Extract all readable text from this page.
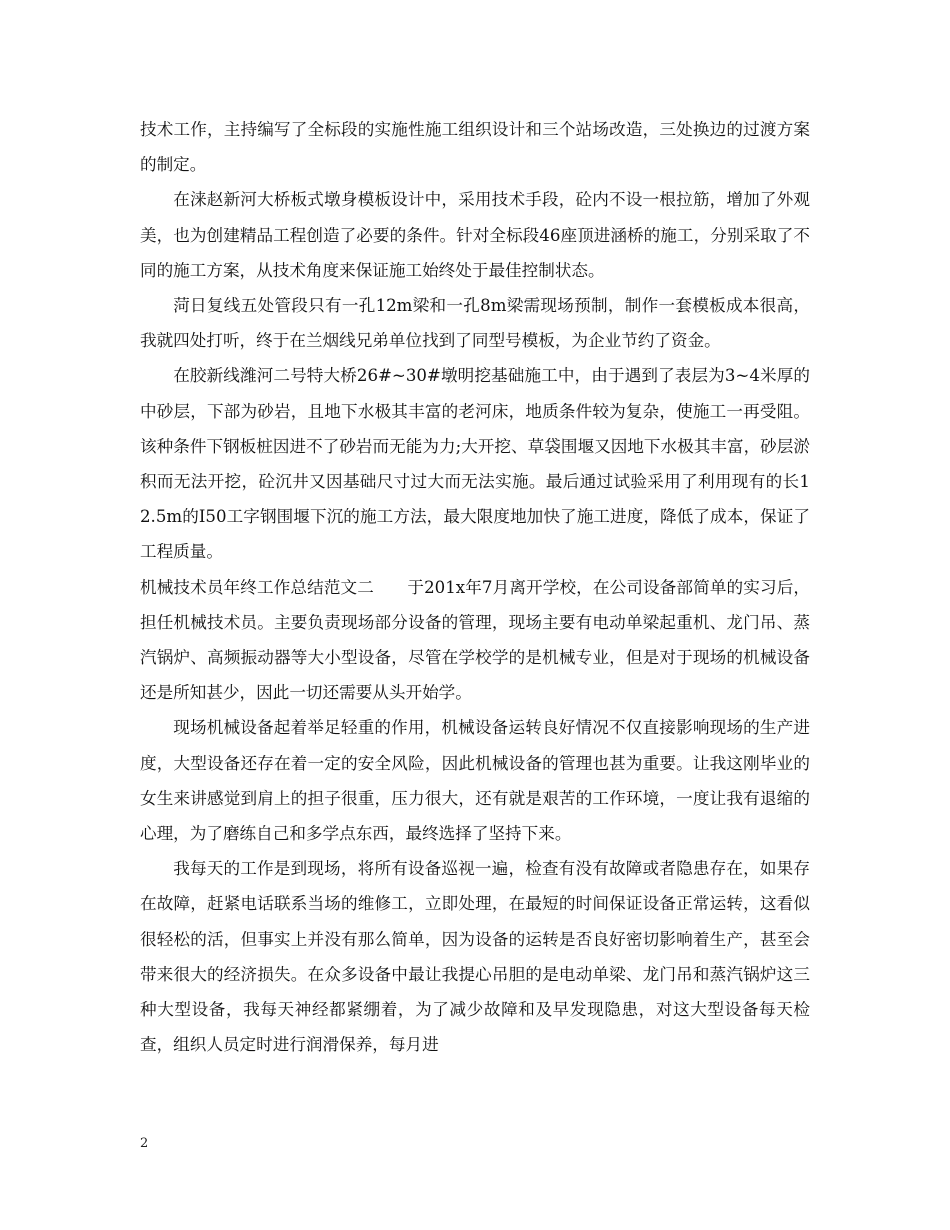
技术工作，主持编写了全标段的实施性施工组织设计和三个站场改造，三处换边的过渡方案的制定。

在涞赵新河大桥板式墩身模板设计中，采用技术手段，砼内不设一根拉筋，增加了外观美，也为创建精品工程创造了必要的条件。针对全标段46座顶进涵桥的施工，分别采取了不同的施工方案，从技术角度来保证施工始终处于最佳控制状态。

菏日复线五处管段只有一孔12m梁和一孔8m梁需现场预制，制作一套模板成本很高，我就四处打听，终于在兰烟线兄弟单位找到了同型号模板，为企业节约了资金。

在胶新线潍河二号特大桥26#~30#墩明挖基础施工中，由于遇到了表层为3~4米厚的中砂层，下部为砂岩，且地下水极其丰富的老河床，地质条件较为复杂，使施工一再受阻。该种条件下钢板桩因进不了砂岩而无能为力;大开挖、草袋围堰又因地下水极其丰富，砂层淤积而无法开挖，砼沉井又因基础尺寸过大而无法实施。最后通过试验采用了利用现有的长12.5m的I50工字钢围堰下沉的施工方法，最大限度地加快了施工进度，降低了成本，保证了工程质量。

机械技术员年终工作总结范文二　　于201x年7月离开学校，在公司设备部简单的实习后，担任机械技术员。主要负责现场部分设备的管理，现场主要有电动单梁起重机、龙门吊、蒸汽锅炉、高频振动器等大小型设备，尽管在学校学的是机械专业，但是对于现场的机械设备还是所知甚少，因此一切还需要从头开始学。

现场机械设备起着举足轻重的作用，机械设备运转良好情况不仅直接影响现场的生产进度，大型设备还存在着一定的安全风险，因此机械设备的管理也甚为重要。让我这刚毕业的女生来讲感觉到肩上的担子很重，压力很大，还有就是艰苦的工作环境，一度让我有退缩的心理，为了磨练自己和多学点东西，最终选择了坚持下来。

我每天的工作是到现场，将所有设备巡视一遍，检查有没有故障或者隐患存在，如果存在故障，赶紧电话联系当场的维修工，立即处理，在最短的时间保证设备正常运转，这看似很轻松的活，但事实上并没有那么简单，因为设备的运转是否良好密切影响着生产，甚至会带来很大的经济损失。在众多设备中最让我提心吊胆的是电动单梁、龙门吊和蒸汽锅炉这三种大型设备，我每天神经都紧绷着，为了减少故障和及早发现隐患，对这大型设备每天检查，组织人员定时进行润滑保养，每月进

2
